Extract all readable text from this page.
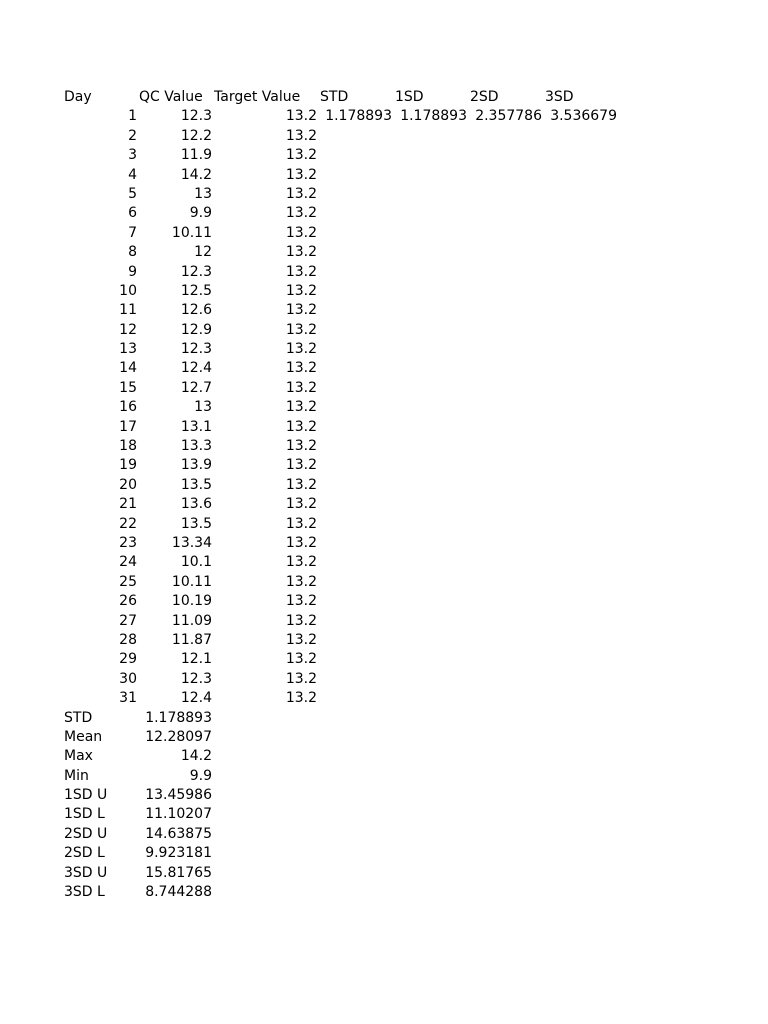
Day	QC Value Target Value	STD	1SD	2SD	3SD
1	12.3	13.2 1.178893 1.178893 2.357786 3.536679
2	12.2	13.2
3	11.9	13.2
4	14.2	13.2
5	13	13.2
6	9.9	13.2
7	10.11	13.2
8	12	13.2
9	12.3	13.2
10	12.5	13.2
11	12.6	13.2
12	12.9	13.2
13	12.3	13.2
14	12.4	13.2
15	12.7	13.2
16	13	13.2
17	13.1	13.2
18	13.3	13.2
19	13.9	13.2
20	13.5	13.2
21	13.6	13.2
22	13.5	13.2
23	13.34	13.2
24	10.1	13.2
25	10.11	13.2
26	10.19	13.2
27	11.09	13.2
28	11.87	13.2
29	12.1	13.2
30	12.3	13.2
31	12.4	13.2
STD	1.178893
Mean	12.28097
Max	14.2
Min	9.9
1SD U	13.45986
1SD L	11.10207
2SD U	14.63875
2SD L	9.923181
3SD U	15.81765
3SD L	8.744288
